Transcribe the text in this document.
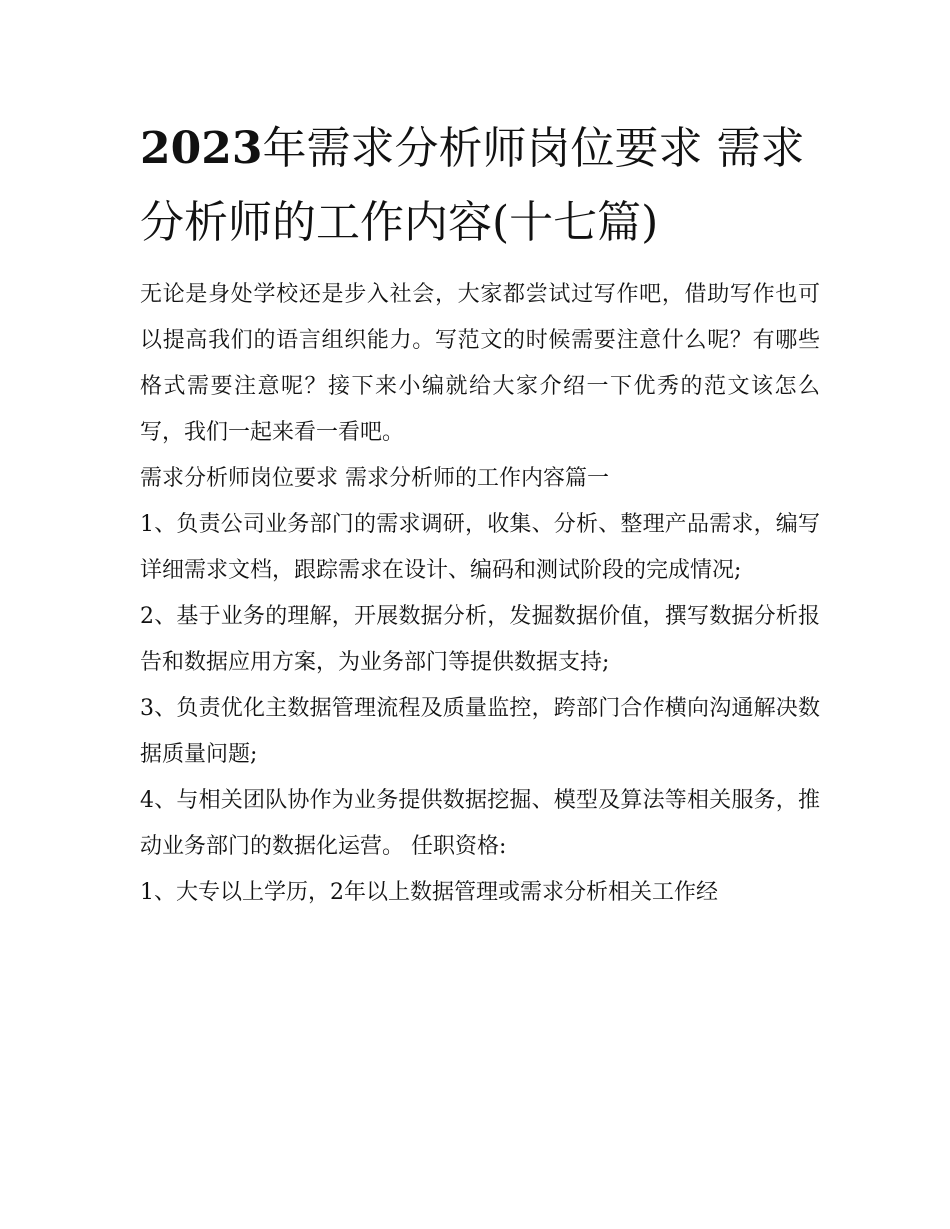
2023年需求分析师岗位要求 需求分析师的工作内容(十七篇)

无论是身处学校还是步入社会，大家都尝试过写作吧，借助写作也可以提高我们的语言组织能力。写范文的时候需要注意什么呢？有哪些格式需要注意呢？接下来小编就给大家介绍一下优秀的范文该怎么写，我们一起来看一看吧。

需求分析师岗位要求 需求分析师的工作内容篇一

1、负责公司业务部门的需求调研，收集、分析、整理产品需求，编写详细需求文档，跟踪需求在设计、编码和测试阶段的完成情况;

2、基于业务的理解，开展数据分析，发掘数据价值，撰写数据分析报告和数据应用方案，为业务部门等提供数据支持;

3、负责优化主数据管理流程及质量监控，跨部门合作横向沟通解决数据质量问题;

4、与相关团队协作为业务提供数据挖掘、模型及算法等相关服务，推动业务部门的数据化运营。 任职资格:

1、大专以上学历，2年以上数据管理或需求分析相关工作经
